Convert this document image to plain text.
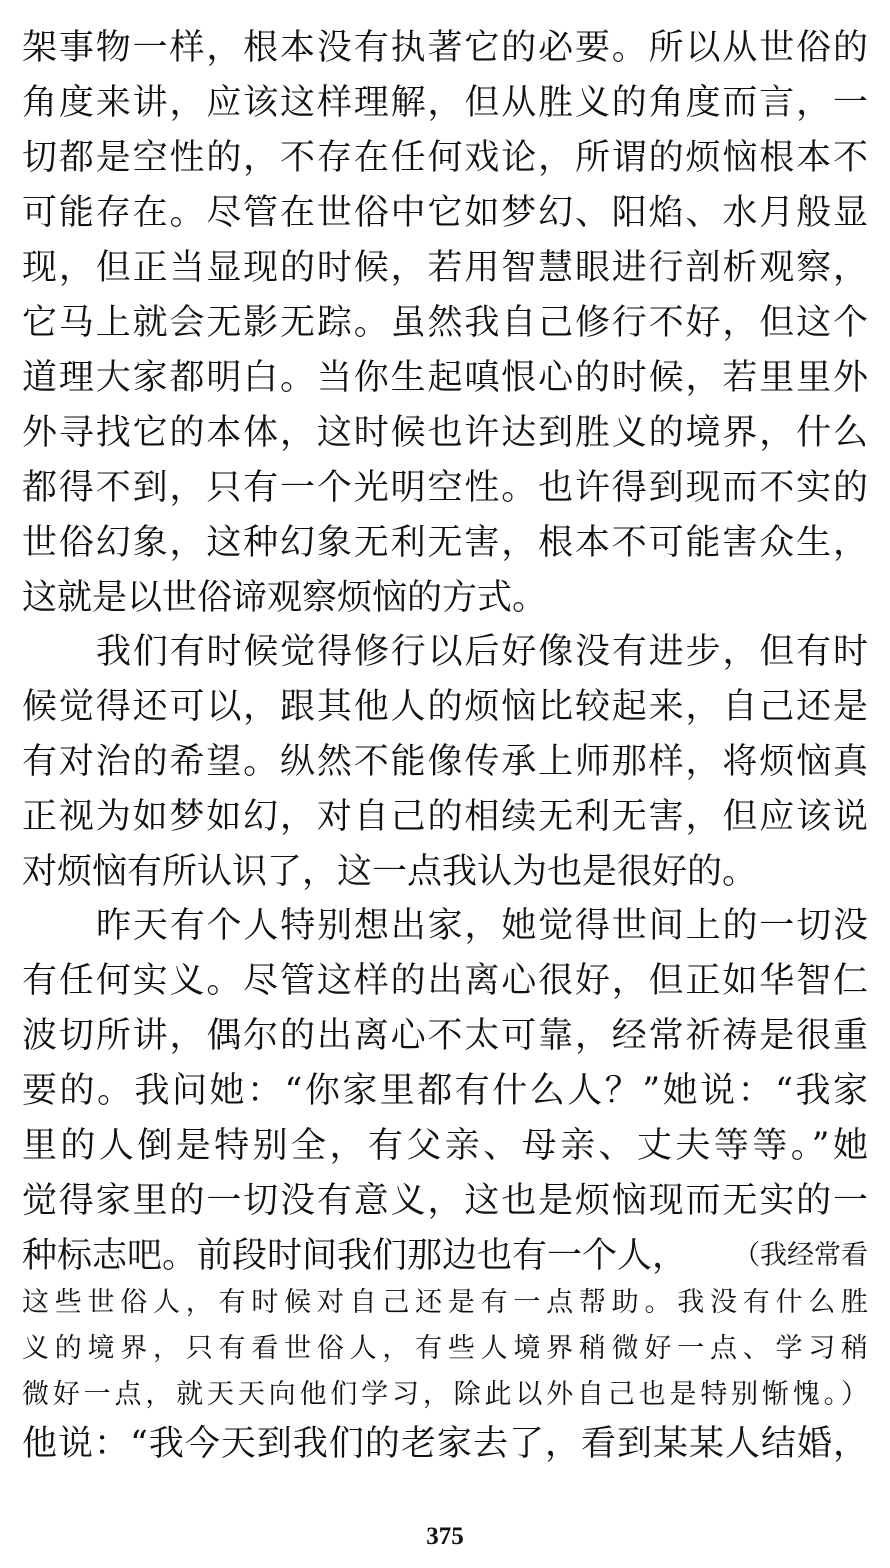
架事物一样，根本没有执著它的必要。所以从世俗的
角度来讲，应该这样理解，但从胜义的角度而言，一
切都是空性的，不存在任何戏论，所谓的烦恼根本不
可能存在。尽管在世俗中它如梦幻、阳焰、水月般显
现，但正当显现的时候，若用智慧眼进行剖析观察，
它马上就会无影无踪。虽然我自己修行不好，但这个
道理大家都明白。当你生起嗔恨心的时候，若里里外
外寻找它的本体，这时候也许达到胜义的境界，什么
都得不到，只有一个光明空性。也许得到现而不实的
世俗幻象，这种幻象无利无害，根本不可能害众生，
这就是以世俗谛观察烦恼的方式。
我们有时候觉得修行以后好像没有进步，但有时
候觉得还可以，跟其他人的烦恼比较起来，自己还是
有对治的希望。纵然不能像传承上师那样，将烦恼真
正视为如梦如幻，对自己的相续无利无害，但应该说
对烦恼有所认识了，这一点我认为也是很好的。
昨天有个人特别想出家，她觉得世间上的一切没
有任何实义。尽管这样的出离心很好，但正如华智仁
波切所讲，偶尔的出离心不太可靠，经常祈祷是很重
要的。我问她：“你家里都有什么人？”她说：“我家
里的人倒是特别全，有父亲、母亲、丈夫等等。”她
觉得家里的一切没有意义，这也是烦恼现而无实的一
种标志吧。前段时间我们那边也有一个人，	（我经常看
这些世俗人，有时候对自己还是有一点帮助。我没有什么胜
义的境界，只有看世俗人，有些人境界稍微好一点、学习稍
微好一点，就天天向他们学习，除此以外自己也是特别惭愧。）
他说：“我今天到我们的老家去了，看到某某人结婚，
375
